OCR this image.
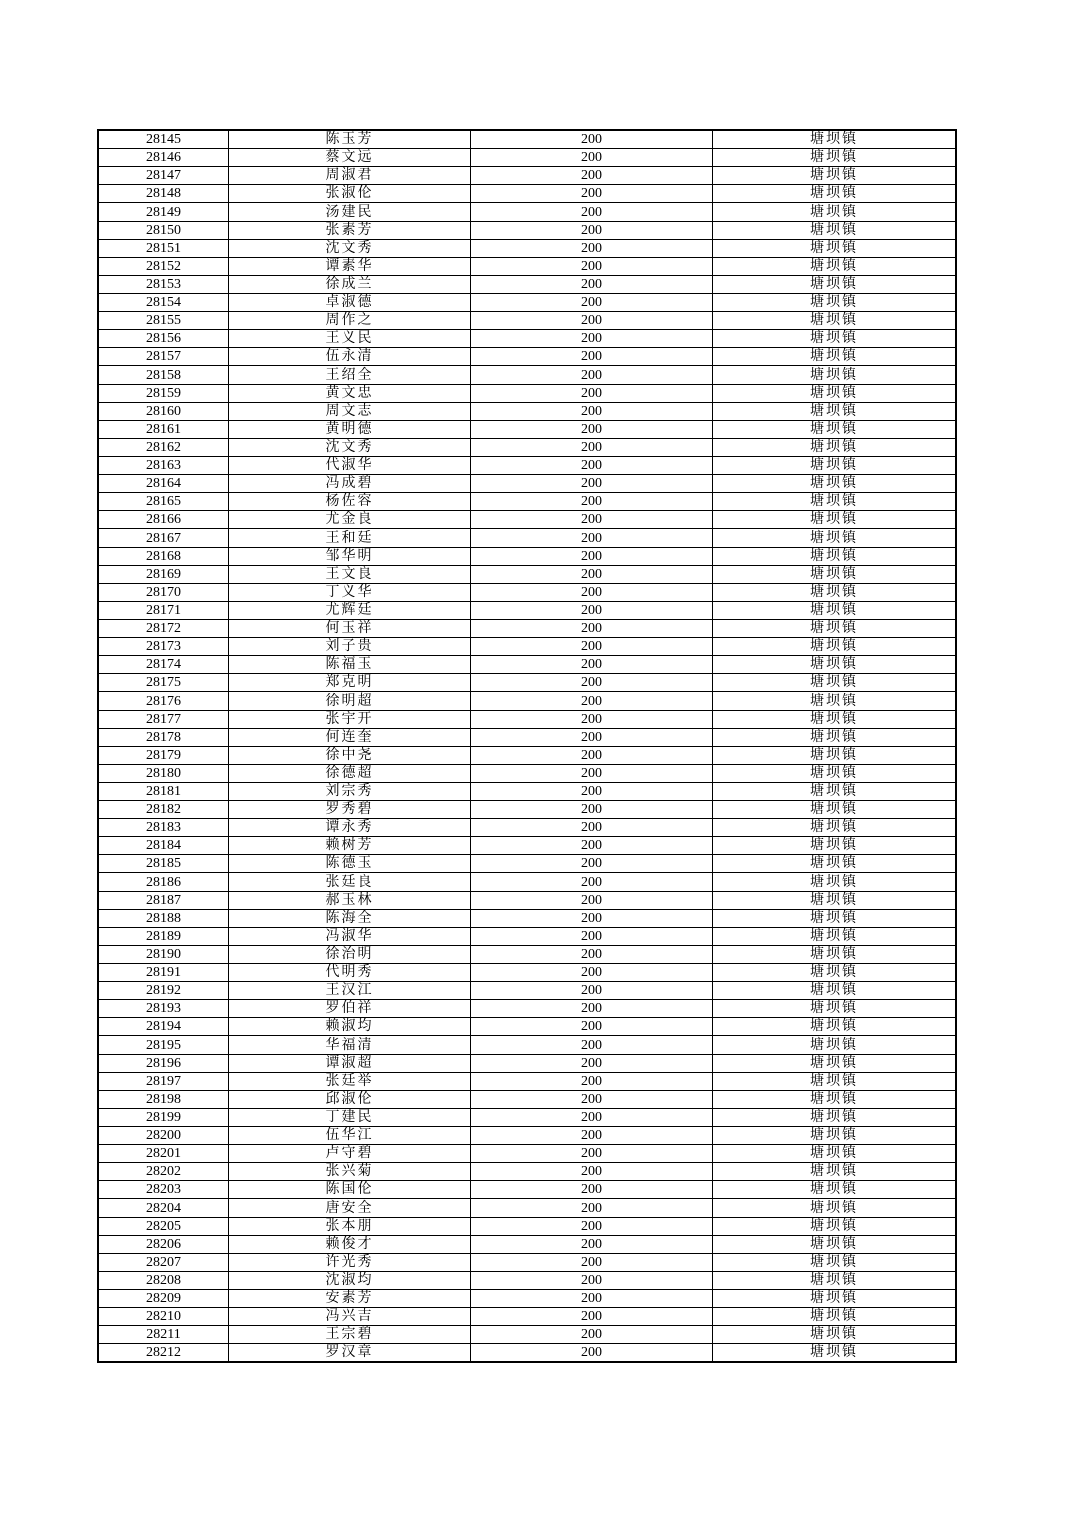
28145	陈玉芳	200	塘坝镇
28146	蔡文远	200	塘坝镇
28147	周淑君	200	塘坝镇
28148	张淑伦	200	塘坝镇
28149	汤建民	200	塘坝镇
28150	张素芳	200	塘坝镇
28151	沈文秀	200	塘坝镇
28152	谭素华	200	塘坝镇
28153	徐成兰	200	塘坝镇
28154	卓淑德	200	塘坝镇
28155	周作之	200	塘坝镇
28156	王义民	200	塘坝镇
28157	伍永清	200	塘坝镇
28158	王绍全	200	塘坝镇
28159	黄文忠	200	塘坝镇
28160	周文志	200	塘坝镇
28161	黄明德	200	塘坝镇
28162	沈文秀	200	塘坝镇
28163	代淑华	200	塘坝镇
28164	冯成碧	200	塘坝镇
28165	杨佐容	200	塘坝镇
28166	尤金良	200	塘坝镇
28167	王和廷	200	塘坝镇
28168	邹华明	200	塘坝镇
28169	王文良	200	塘坝镇
28170	丁义华	200	塘坝镇
28171	尤辉廷	200	塘坝镇
28172	何玉祥	200	塘坝镇
28173	刘子贵	200	塘坝镇
28174	陈福玉	200	塘坝镇
28175	郑克明	200	塘坝镇
28176	徐明超	200	塘坝镇
28177	张宇开	200	塘坝镇
28178	何连奎	200	塘坝镇
28179	徐中尧	200	塘坝镇
28180	徐德超	200	塘坝镇
28181	刘宗秀	200	塘坝镇
28182	罗秀碧	200	塘坝镇
28183	谭永秀	200	塘坝镇
28184	赖树芳	200	塘坝镇
28185	陈德玉	200	塘坝镇
28186	张廷良	200	塘坝镇
28187	郝玉林	200	塘坝镇
28188	陈海全	200	塘坝镇
28189	冯淑华	200	塘坝镇
28190	徐治明	200	塘坝镇
28191	代明秀	200	塘坝镇
28192	王汉江	200	塘坝镇
28193	罗伯祥	200	塘坝镇
28194	赖淑均	200	塘坝镇
28195	华福清	200	塘坝镇
28196	谭淑超	200	塘坝镇
28197	张廷举	200	塘坝镇
28198	邱淑伦	200	塘坝镇
28199	丁建民	200	塘坝镇
28200	伍华江	200	塘坝镇
28201	卢守碧	200	塘坝镇
28202	张兴菊	200	塘坝镇
28203	陈国伦	200	塘坝镇
28204	唐安全	200	塘坝镇
28205	张本朋	200	塘坝镇
28206	赖俊才	200	塘坝镇
28207	许光秀	200	塘坝镇
28208	沈淑均	200	塘坝镇
28209	安素芳	200	塘坝镇
28210	冯兴吉	200	塘坝镇
28211	王宗碧	200	塘坝镇
28212	罗汉章	200	塘坝镇
